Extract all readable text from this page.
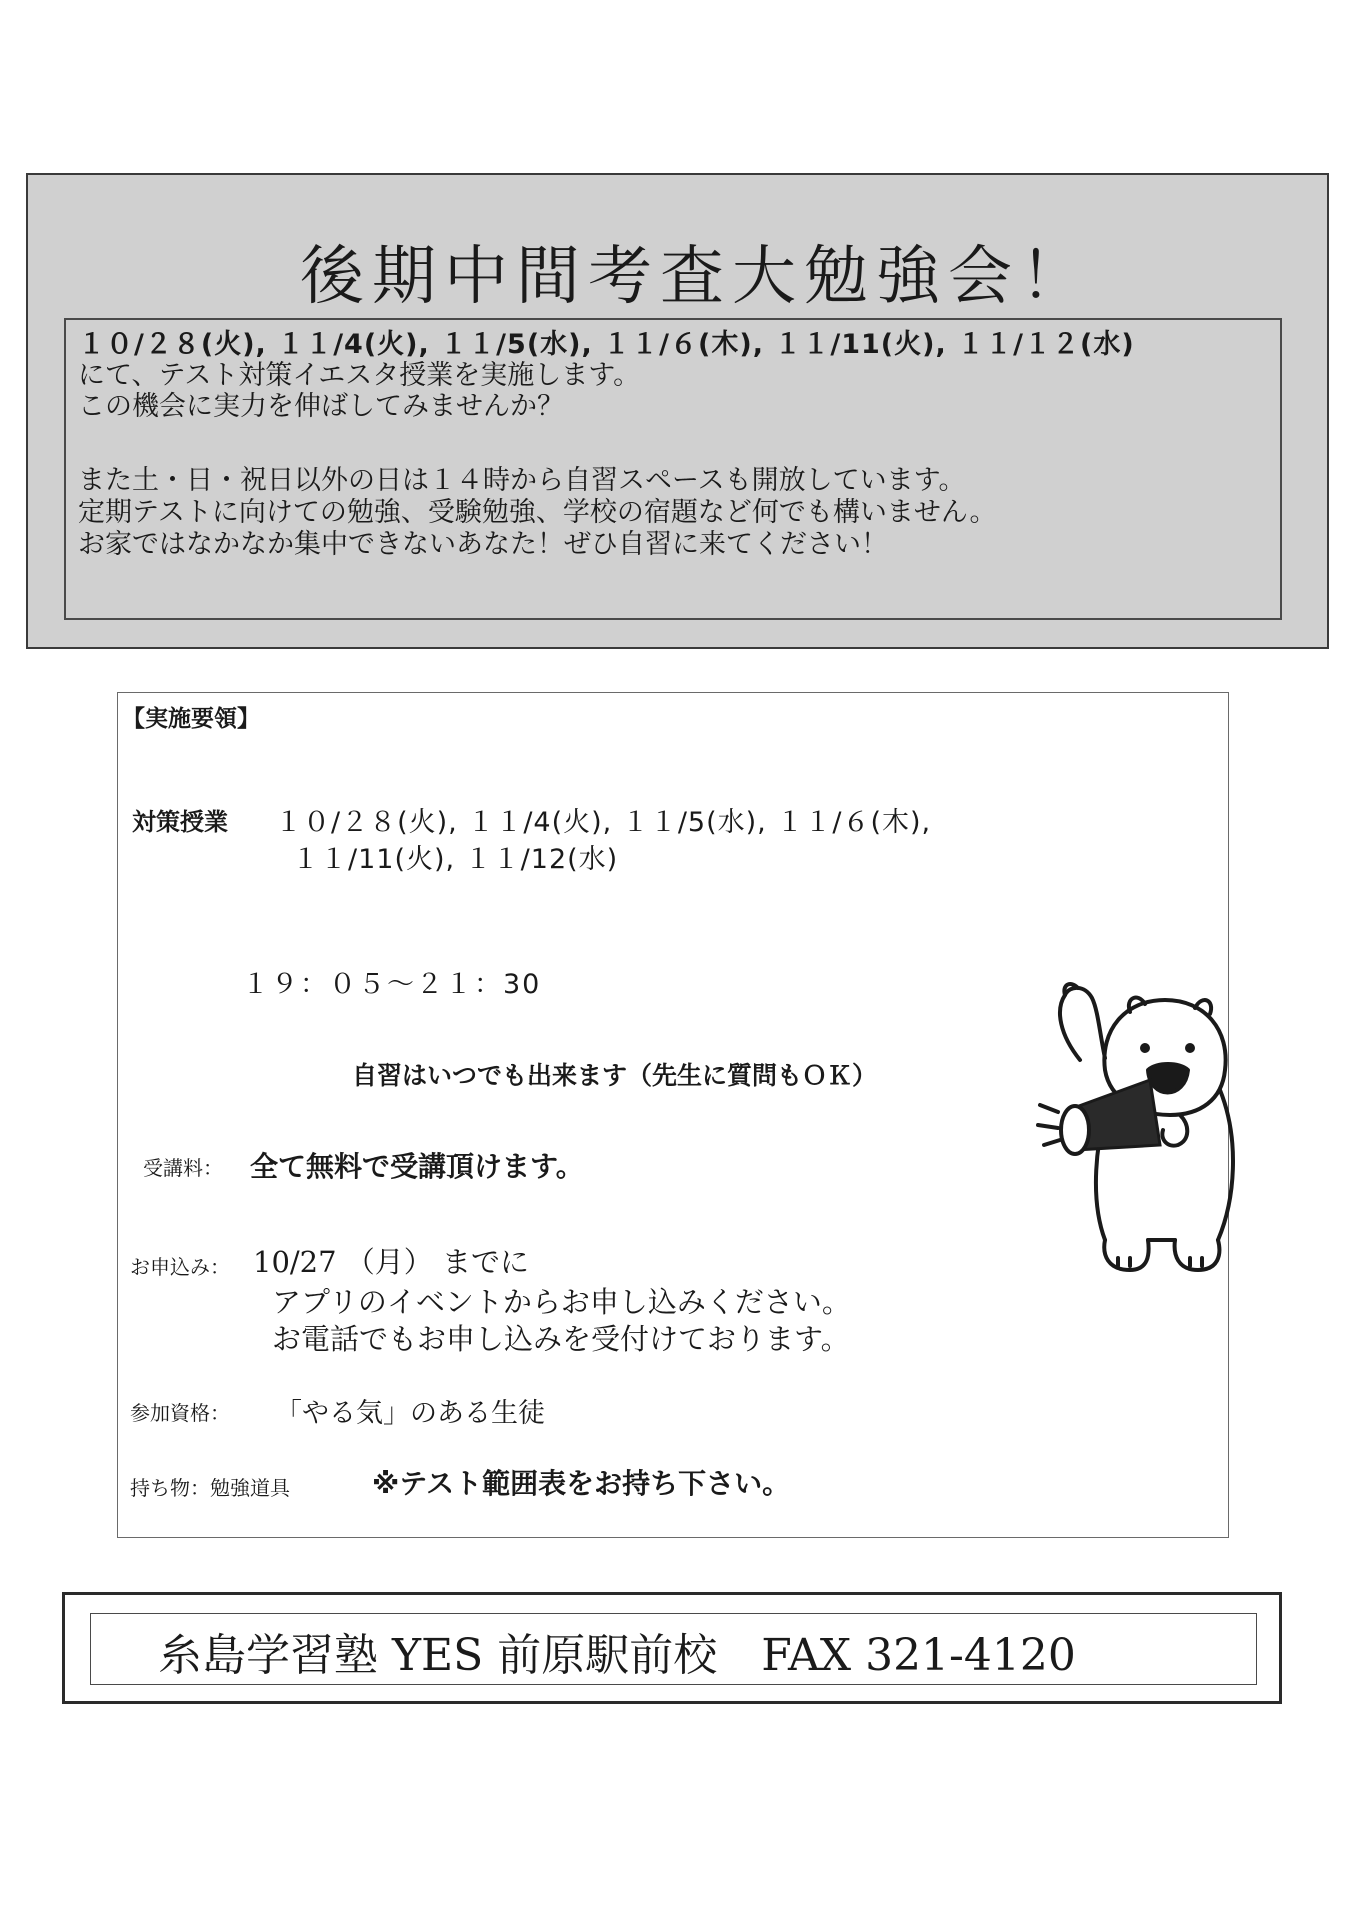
後期中間考査大勉強会！
１０/２８(火), １１/4(火), １１/5(水), １１/６(木), １１/11(火), １１/１２(水)
にて、テスト対策イエスタ授業を実施します。
この機会に実力を伸ばしてみませんか？
また土・日・祝日以外の日は１４時から自習スペースも開放しています。
定期テストに向けての勉強、受験勉強、学校の宿題など何でも構いません。
お家ではなかなか集中できないあなた！ぜひ自習に来てください！
【実施要領】
対策授業 １０/２８(火), １１/4(火), １１/5(水), １１/６(木),
１１/11(火), １１/12(水)
１９：０５～２１：30
自習はいつでも出来ます（先生に質問もＯＫ）
受講料： 全て無料で受講頂けます。
お申込み： 10/27 （月） までに
アプリのイベントからお申し込みください。
お電話でもお申し込みを受付けております。
参加資格： 「やる気」のある生徒
持ち物：勉強道具	※テスト範囲表をお持ち下さい。
糸島学習塾 YES 前原駅前校　FAX 321-4120
